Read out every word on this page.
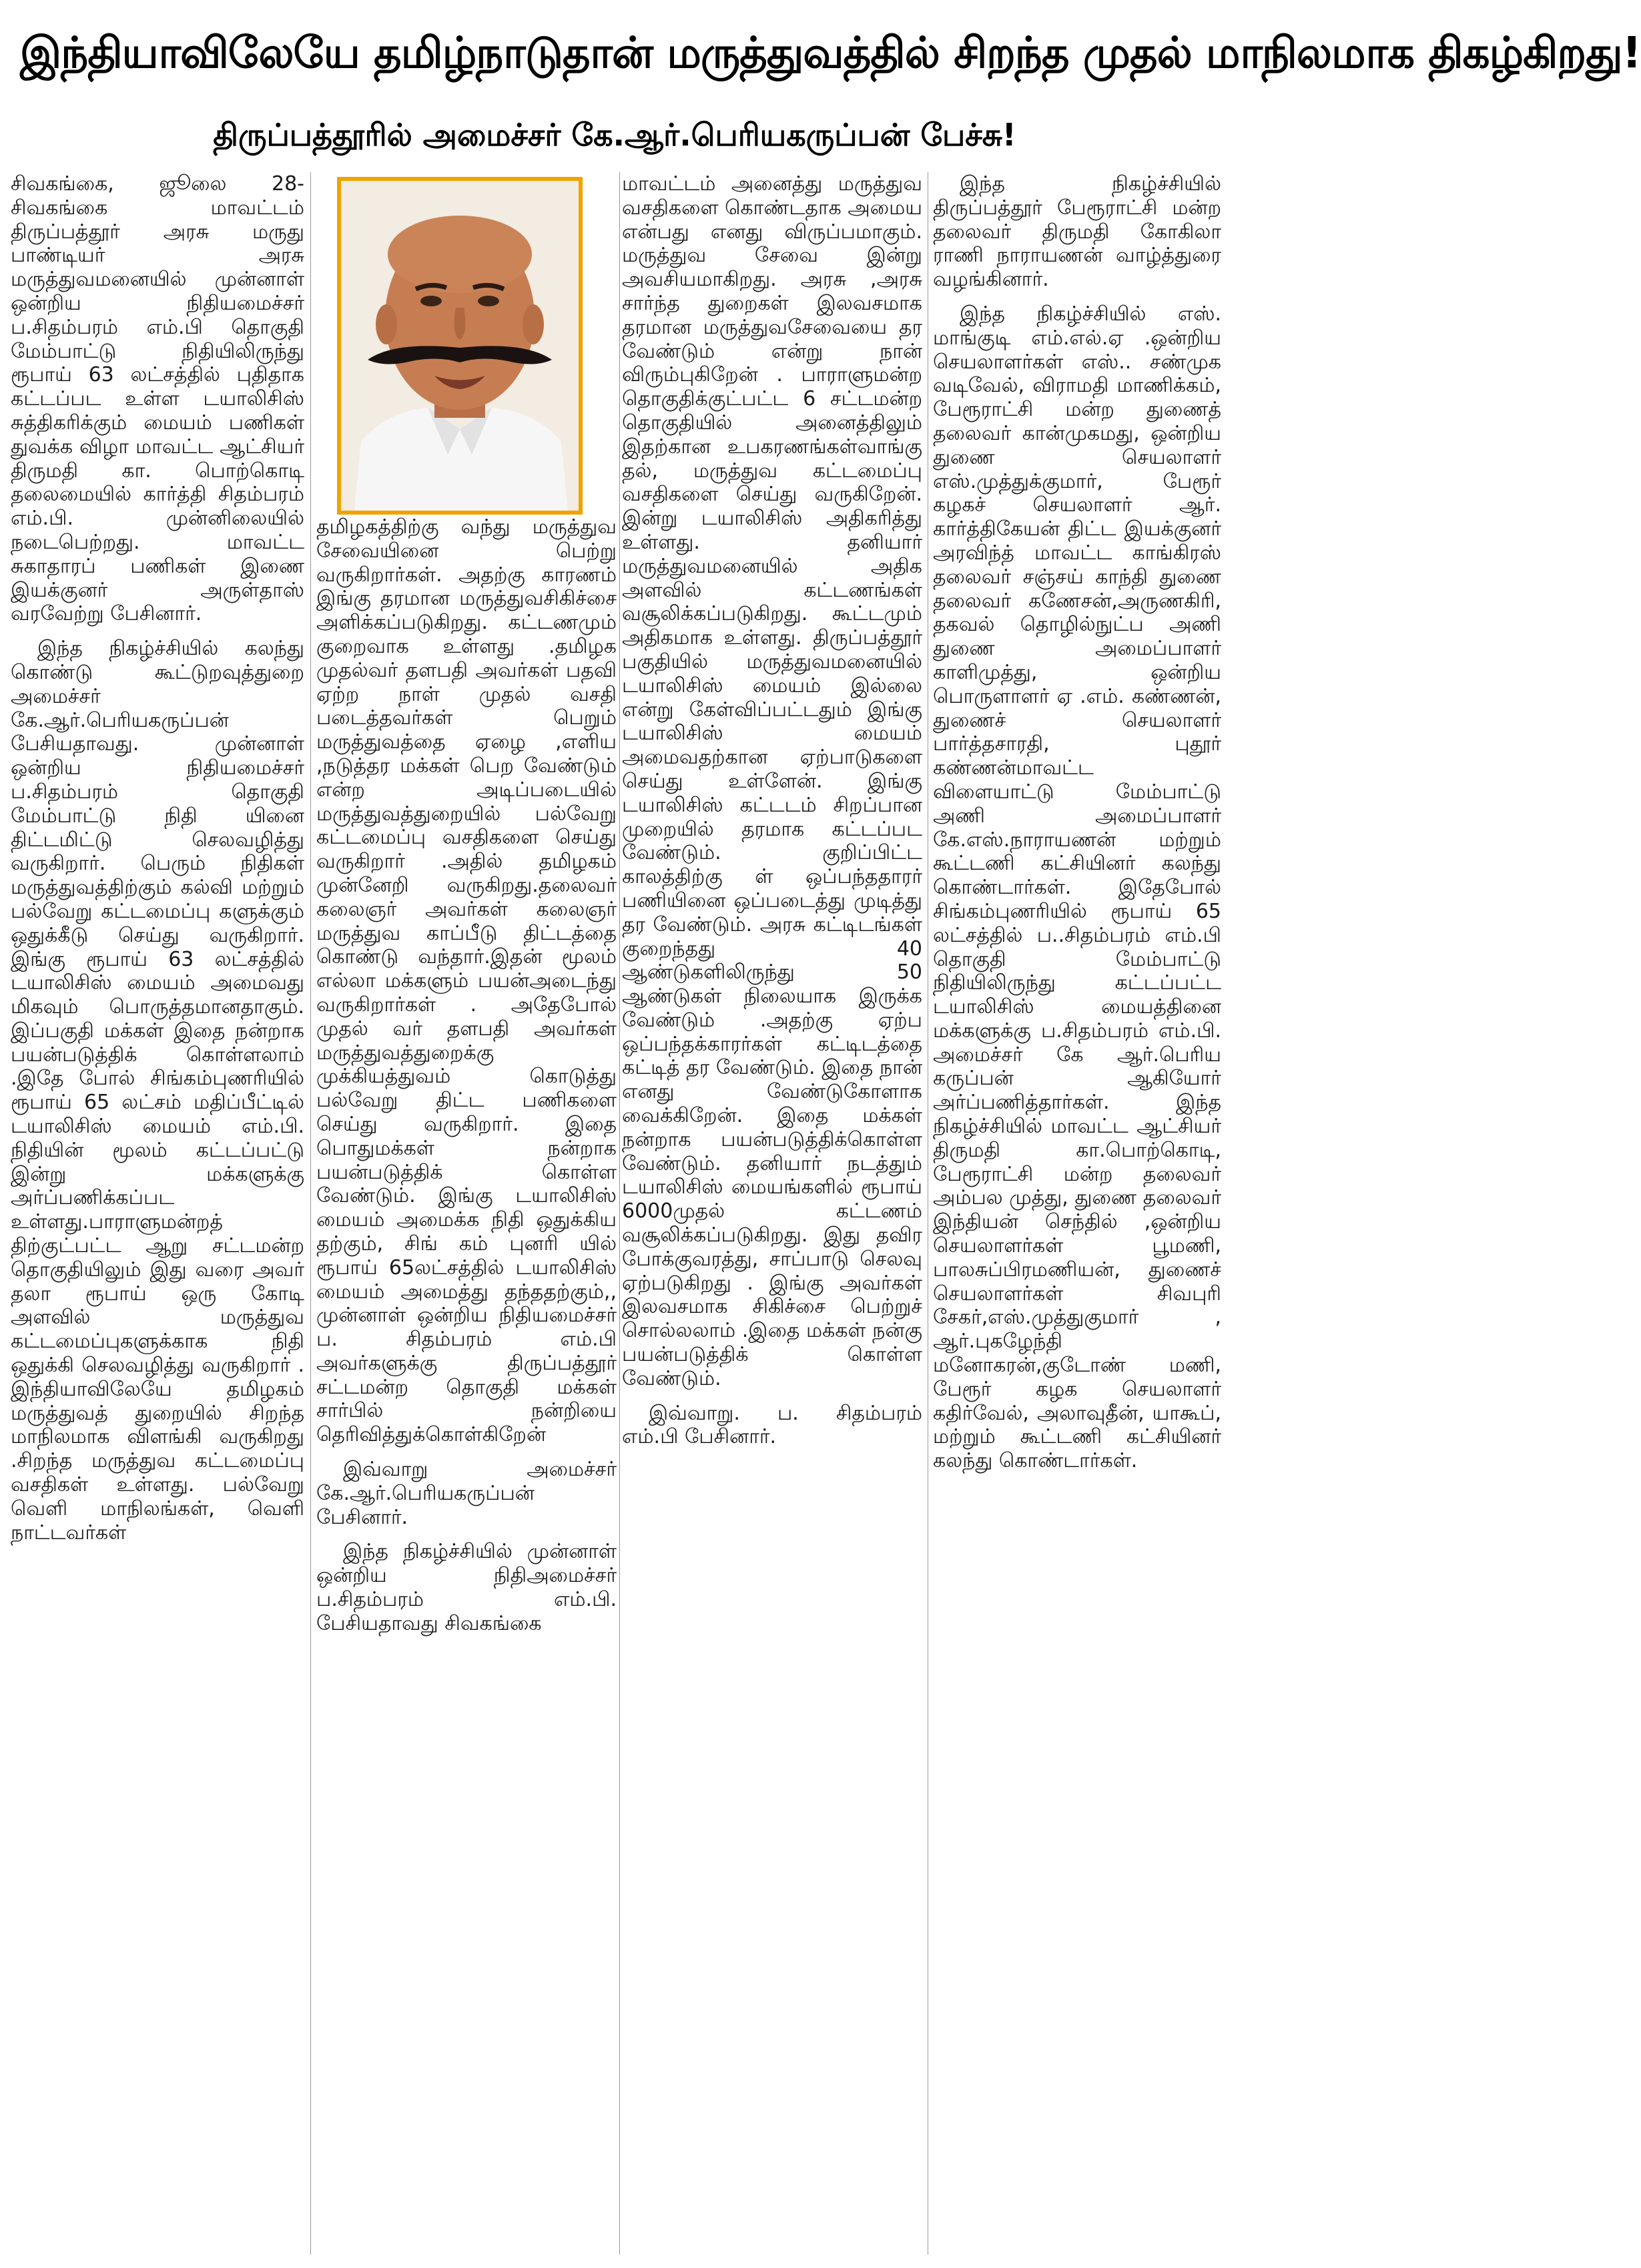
இந்தியாவிலேயே தமிழ்நாடுதான் மருத்துவத்தில் சிறந்த முதல் மாநிலமாக திகழ்கிறது!
திருப்பத்தூரில் அமைச்சர் கே.ஆர்.பெரியகருப்பன் பேச்சு!

சிவகங்கை, ஜூலை 28-சிவகங்கை மாவட்டம் திருப்பத்தூர் அரசு மருது பாண்டியர் அரசு மருத்துவமனையில் முன்னாள் ஒன்றிய நிதியமைச்சர் ப.சிதம்பரம் எம்.பி தொகுதி மேம்பாட்டு நிதியிலிருந்து ரூபாய் 63 லட்சத்தில் புதிதாக கட்டப்பட உள்ள டயாலிசிஸ் சுத்திகரிக்கும் மையம் பணிகள் துவக்க விழா மாவட்ட ஆட்சியர் திருமதி கா. பொற்கொடி தலைமையில் கார்த்தி சிதம்பரம் எம்.பி. முன்னிலையில் நடைபெற்றது. மாவட்ட சுகாதாரப் பணிகள் இணை இயக்குனர் அருள்தாஸ் வரவேற்று பேசினார்.

இந்த நிகழ்ச்சியில் கலந்து கொண்டு கூட்டுறவுத்துறை அமைச்சர் கே.ஆர்.பெரியகருப்பன் பேசியதாவது. முன்னாள் ஒன்றிய நிதியமைச்சர் ப.சிதம்பரம் தொகுதி மேம்பாட்டு நிதி யினை திட்டமிட்டு செலவழித்து வருகிறார். பெரும் நிதிகள் மருத்துவத்திற்கும் கல்வி மற்றும் பல்வேறு கட்டமைப்பு களுக்கும் ஒதுக்கீடு செய்து வருகிறார். இங்கு ரூபாய் 63 லட்சத்தில் டயாலிசிஸ் மையம் அமைவது மிகவும் பொருத்தமானதாகும். இப்பகுதி மக்கள் இதை நன்றாக பயன்படுத்திக் கொள்ளலாம் .இதே போல் சிங்கம்புணரியில் ரூபாய் 65 லட்சம் மதிப்பீட்டில் டயாலிசிஸ் மையம் எம்.பி. நிதியின் மூலம் கட்டப்பட்டு இன்று மக்களுக்கு அர்ப்பணிக்கப்பட உள்ளது.பாராளுமன்றத் திற்குட்பட்ட ஆறு சட்டமன்ற தொகுதியிலும் இது வரை அவர் தலா ரூபாய் ஒரு கோடி அளவில் மருத்துவ கட்டமைப்புகளுக்காக நிதி ஒதுக்கி செலவழித்து வருகிறார் . இந்தியாவிலேயே தமிழகம் மருத்துவத் துறையில் சிறந்த மாநிலமாக விளங்கி வருகிறது .சிறந்த மருத்துவ கட்டமைப்பு வசதிகள் உள்ளது. பல்வேறு வெளி மாநிலங்கள், வெளி நாட்டவர்கள்

தமிழகத்திற்கு வந்து மருத்துவ சேவையினை பெற்று வருகிறார்கள். அதற்கு காரணம் இங்கு தரமான மருத்துவசிகிச்சை அளிக்கப்படுகிறது. கட்டணமும் குறைவாக உள்ளது .தமிழக முதல்வர் தளபதி அவர்கள் பதவி ஏற்ற நாள் முதல் வசதி படைத்தவர்கள் பெறும் மருத்துவத்தை ஏழை ,எளிய ,நடுத்தர மக்கள் பெற வேண்டும் என்ற அடிப்படையில் மருத்துவத்துறையில் பல்வேறு கட்டமைப்பு வசதிகளை செய்து வருகிறார் .அதில் தமிழகம் முன்னேறி வருகிறது.தலைவர் கலைஞர் அவர்கள் கலைஞர் மருத்துவ காப்பீடு திட்டத்தை கொண்டு வந்தார்.இதன் மூலம் எல்லா மக்களும் பயன்அடைந்து வருகிறார்கள் . அதேபோல் முதல் வர் தளபதி அவர்கள் மருத்துவத்துறைக்கு முக்கியத்துவம் கொடுத்து பல்வேறு திட்ட பணிகளை செய்து வருகிறார். இதை பொதுமக்கள் நன்றாக பயன்படுத்திக் கொள்ள வேண்டும். இங்கு டயாலிசிஸ் மையம் அமைக்க நிதி ஒதுக்கிய தற்கும், சிங் கம் புனரி யில் ரூபாய் 65லட்சத்தில் டயாலிசிஸ் மையம் அமைத்து தந்ததற்கும்,, முன்னாள் ஒன்றிய நிதியமைச்சர் ப. சிதம்பரம் எம்.பி அவர்களுக்கு திருப்பத்தூர் சட்டமன்ற தொகுதி மக்கள் சார்பில் நன்றியை தெரிவித்துக்கொள்கிறேன்

இவ்வாறு அமைச்சர் கே.ஆர்.பெரியகருப்பன் பேசினார்.

இந்த நிகழ்ச்சியில் முன்னாள் ஒன்றிய நிதிஅமைச்சர் ப.சிதம்பரம் எம்.பி. பேசியதாவது சிவகங்கை

மாவட்டம் அனைத்து மருத்துவ வசதிகளை கொண்டதாக அமைய என்பது எனது விருப்பமாகும். மருத்துவ சேவை இன்று அவசியமாகிறது. அரசு ,அரசு சார்ந்த துறைகள் இலவசமாக தரமான மருத்துவசேவையை தர வேண்டும் என்று நான் விரும்புகிறேன் . பாராளுமன்ற தொகுதிக்குட்பட்ட 6 சட்டமன்ற தொகுதியில் அனைத்திலும் இதற்கான உபகரணங்கள்வாங்கு தல், மருத்துவ கட்டமைப்பு வசதிகளை செய்து வருகிறேன். இன்று டயாலிசிஸ் அதிகரித்து உள்ளது. தனியார் மருத்துவமனையில் அதிக அளவில் கட்டணங்கள் வசூலிக்கப்படுகிறது. கூட்டமும் அதிகமாக உள்ளது. திருப்பத்தூர் பகுதியில் மருத்துவமனையில் டயாலிசிஸ் மையம் இல்லை என்று கேள்விப்பட்டதும் இங்கு டயாலிசிஸ் மையம் அமைவதற்கான ஏற்பாடுகளை செய்து உள்ளேன். இங்கு டயாலிசிஸ் கட்டடம் சிறப்பான முறையில் தரமாக கட்டப்பட வேண்டும். குறிப்பிட்ட காலத்திற்கு ள் ஒப்பந்ததாரர் பணியினை ஒப்படைத்து முடித்து தர வேண்டும். அரசு கட்டிடங்கள் குறைந்தது 40 ஆண்டுகளிலிருந்து 50 ஆண்டுகள் நிலையாக இருக்க வேண்டும் .அதற்கு ஏற்ப ஒப்பந்தக்காரர்கள் கட்டிடத்தை கட்டித் தர வேண்டும். இதை நான் எனது வேண்டுகோளாக வைக்கிறேன். இதை மக்கள் நன்றாக பயன்படுத்திக்கொள்ள வேண்டும். தனியார் நடத்தும் டயாலிசிஸ் மையங்களில் ரூபாய் 6000முதல் கட்டணம் வசூலிக்கப்படுகிறது. இது தவிர போக்குவரத்து, சாப்பாடு செலவு ஏற்படுகிறது . இங்கு அவர்கள் இலவசமாக சிகிச்சை பெற்றுச் சொல்லலாம் .இதை மக்கள் நன்கு பயன்படுத்திக் கொள்ள வேண்டும்.

இவ்வாறு. ப. சிதம்பரம் எம்.பி பேசினார்.

இந்த நிகழ்ச்சியில் திருப்பத்தூர் பேரூராட்சி மன்ற தலைவர் திருமதி கோகிலா ராணி நாராயணன் வாழ்த்துரை வழங்கினார்.

இந்த நிகழ்ச்சியில் எஸ். மாங்குடி எம்.எல்.ஏ .ஒன்றிய செயலாளர்கள் எஸ்.. சண்முக வடிவேல், விராமதி மாணிக்கம், பேரூராட்சி மன்ற துணைத் தலைவர் கான்முகமது, ஒன்றிய துணை செயலாளர் எஸ்.முத்துக்குமார், பேரூர் கழகச் செயலாளர் ஆர். கார்த்திகேயன் திட்ட இயக்குனர் அரவிந்த் மாவட்ட காங்கிரஸ் தலைவர் சஞ்சய் காந்தி துணை தலைவர் கணேசன்,அருணகிரி, தகவல் தொழில்நுட்ப அணி துணை அமைப்பாளர் காளிமுத்து, ஒன்றிய பொருளாளர் ஏ .எம். கண்ணன், துணைச் செயலாளர் பார்த்தசாரதி, புதூர் கண்ணன்மாவட்ட விளையாட்டு மேம்பாட்டு அணி அமைப்பாளர் கே.எஸ்.நாராயணன் மற்றும் கூட்டணி கட்சியினர் கலந்து கொண்டார்கள். இதேபோல் சிங்கம்புணரியில் ரூபாய் 65 லட்சத்தில் ப..சிதம்பரம் எம்.பி தொகுதி மேம்பாட்டு நிதியிலிருந்து கட்டப்பட்ட டயாலிசிஸ் மையத்தினை மக்களுக்கு ப.சிதம்பரம் எம்.பி. அமைச்சர் கே ஆர்.பெரிய கருப்பன் ஆகியோர் அர்ப்பணித்தார்கள். இந்த நிகழ்ச்சியில் மாவட்ட ஆட்சியர் திருமதி கா.பொற்கொடி, பேரூராட்சி மன்ற தலைவர் அம்பல முத்து, துணை தலைவர் இந்தியன் செந்தில் ,ஒன்றிய செயலாளர்கள் பூமணி, பாலசுப்பிரமணியன், துணைச் செயலாளர்கள் சிவபுரி சேகர்,எஸ்.முத்துகுமார் , ஆர்.புகழேந்தி மனோகரன்,குடோண் மணி, பேரூர் கழக செயலாளர் கதிர்வேல், அலாவுதீன், யாகூப், மற்றும் கூட்டணி கட்சியினர் கலந்து கொண்டார்கள்.
